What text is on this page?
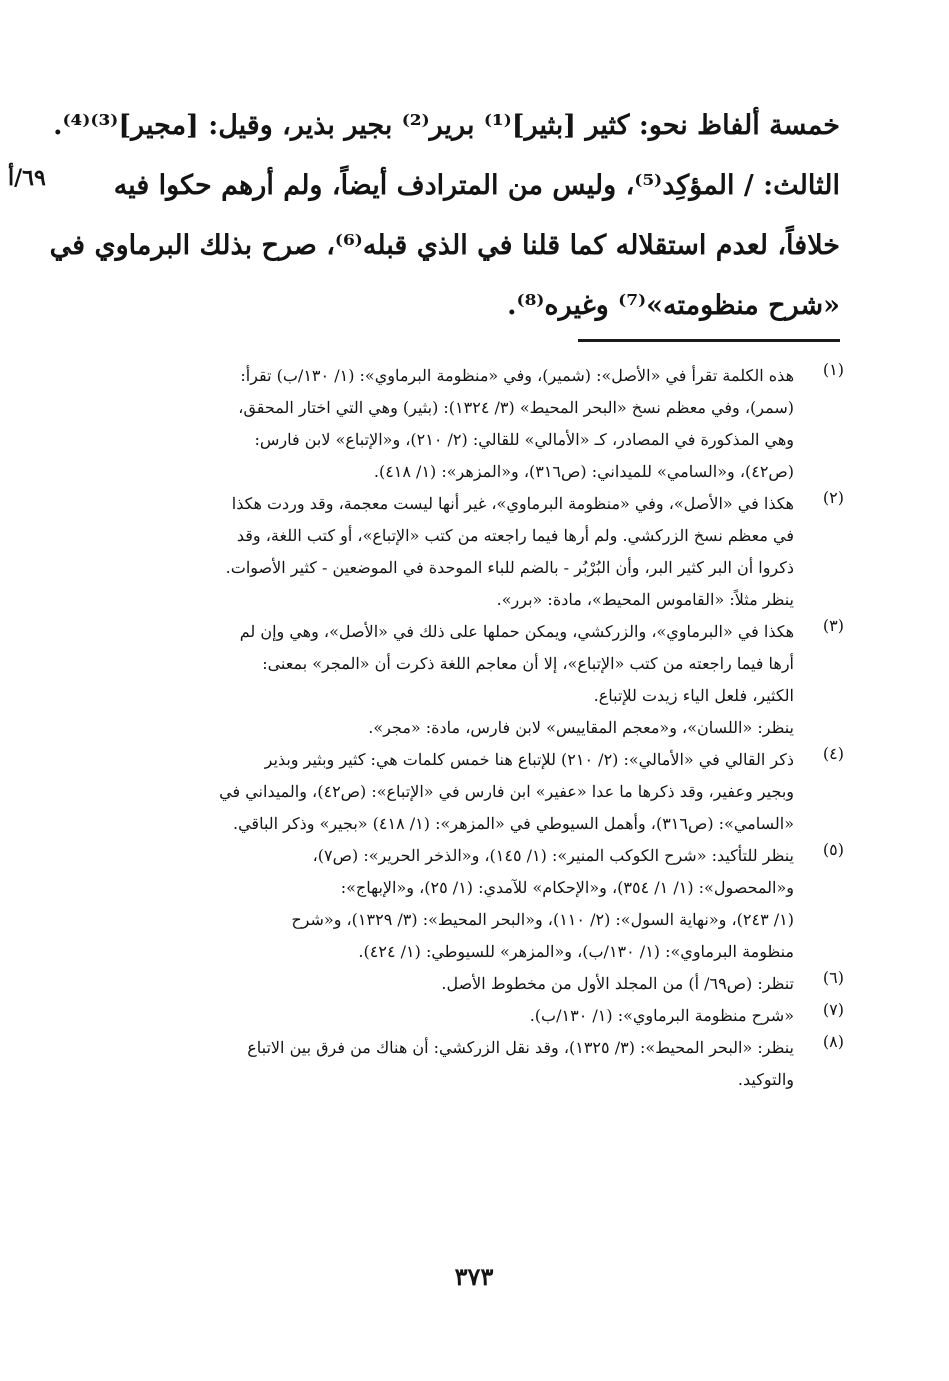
خمسة ألفاظ نحو: كثير [بثير]⁽¹⁾ برير⁽²⁾ بجير بذير، وقيل: [مجير]⁽³⁾⁽⁴⁾.
الثالث: / المؤكِد⁽⁵⁾، وليس من المترادف أيضاً، ولم أرهم حكوا فيه
خلافاً، لعدم استقلاله كما قلنا في الذي قبله⁽⁶⁾، صرح بذلك البرماوي في
«شرح منظومته»⁽⁷⁾ وغيره⁽⁸⁾.
٦٩/أ
(١)
هذه الكلمة تقرأ في «الأصل»: (شمير)، وفي «منظومة البرماوي»: (١/ ١٣٠/ب) تقرأ:
(سمر)، وفي معظم نسخ «البحر المحيط» (٣/ ١٣٢٤): (بثير) وهي التي اختار المحقق،
وهي المذكورة في المصادر، كـ «الأمالي» للقالي: (٢/ ٢١٠)، و«الإتباع» لابن فارس:
(ص٤٢)، و«السامي» للميداني: (ص٣١٦)، و«المزهر»: (١/ ٤١٨).
(٢)
هكذا في «الأصل»، وفي «منظومة البرماوي»، غير أنها ليست معجمة، وقد وردت هكذا
في معظم نسخ الزركشي. ولم أرها فيما راجعته من كتب «الإتباع»، أو كتب اللغة، وقد
ذكروا أن البر كثير البر، وأن البُرْبُر - بالضم للباء الموحدة في الموضعين - كثير الأصوات.
ينظر مثلاً: «القاموس المحيط»، مادة: «برر».
(٣)
هكذا في «البرماوي»، والزركشي، ويمكن حملها على ذلك في «الأصل»، وهي وإن لم
أرها فيما راجعته من كتب «الإتباع»، إلا أن معاجم اللغة ذكرت أن «المجر» بمعنى:
الكثير، فلعل الياء زيدت للإتباع.
ينظر: «اللسان»، و«معجم المقاييس» لابن فارس، مادة: «مجر».
(٤)
ذكر القالي في «الأمالي»: (٢/ ٢١٠) للإتباع هنا خمس كلمات هي: كثير وبثير وبذير
وبجير وعفير، وقد ذكرها ما عدا «عفير» ابن فارس في «الإتباع»: (ص٤٢)، والميداني في
«السامي»: (ص٣١٦)، وأهمل السيوطي في «المزهر»: (١/ ٤١٨) «بجير» وذكر الباقي.
(٥)
ينظر للتأكيد: «شرح الكوكب المنير»: (١/ ١٤٥)، و«الذخر الحرير»: (ص٧)،
و«المحصول»: (١/ ١/ ٣٥٤)، و«الإحكام» للآمدي: (١/ ٢٥)، و«الإبهاج»:
(١/ ٢٤٣)، و«نهاية السول»: (٢/ ١١٠)، و«البحر المحيط»: (٣/ ١٣٢٩)، و«شرح
منظومة البرماوي»: (١/ ١٣٠/ب)، و«المزهر» للسيوطي: (١/ ٤٢٤).
(٦)
تنظر: (ص٦٩/ أ) من المجلد الأول من مخطوط الأصل.
(٧)
«شرح منظومة البرماوي»: (١/ ١٣٠/ب).
(٨)
ينظر: «البحر المحيط»: (٣/ ١٣٢٥)، وقد نقل الزركشي: أن هناك من فرق بين الاتباع
والتوكيد.
٣٧٣
